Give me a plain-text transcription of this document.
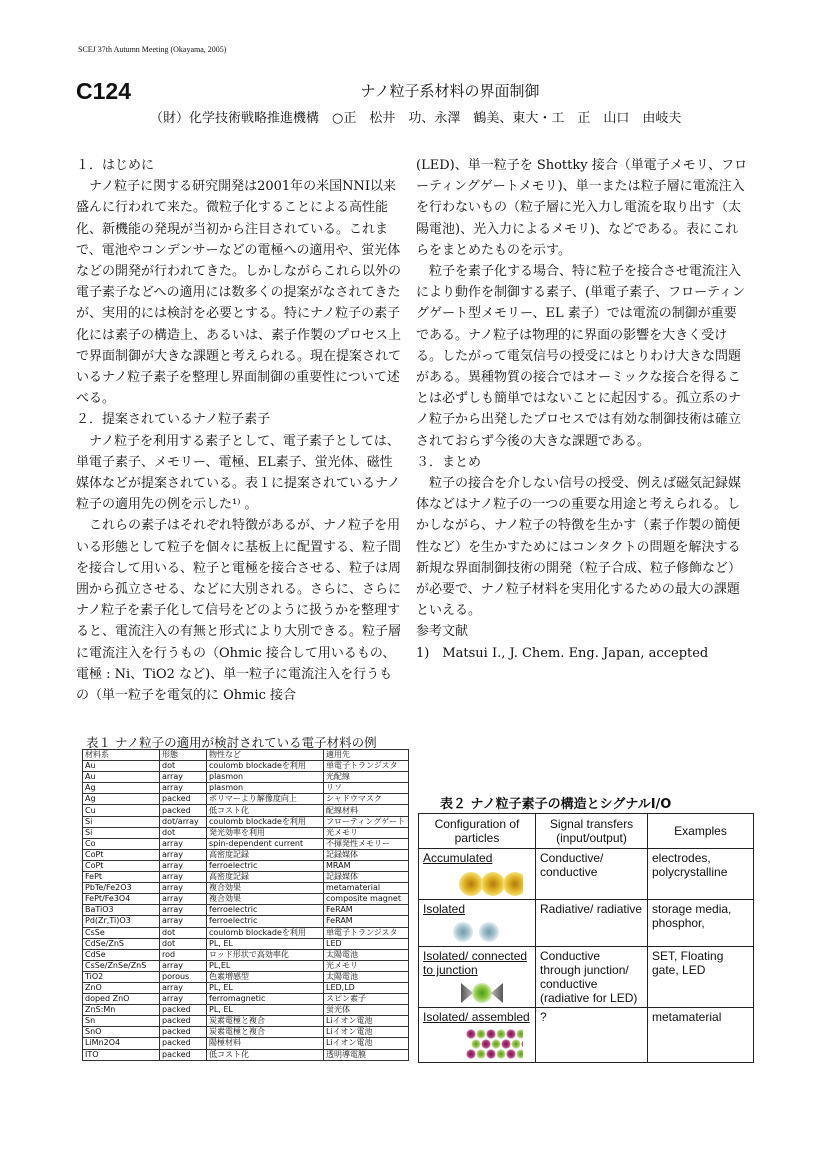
SCEJ 37th Autumn Meeting (Okayama, 2005)
C124	ナノ粒子系材料の界面制御
（財）化学技術戦略推進機構　○正　松井　功、永澤　鶴美、東大・工　正　山口　由岐夫

１．はじめに

ナノ粒子に関する研究開発は2001年の米国NNI以来盛んに行われて来た。微粒子化することによる高性能化、新機能の発現が当初から注目されている。これまで、電池やコンデンサーなどの電極への適用や、蛍光体などの開発が行われてきた。しかしながらこれら以外の電子素子などへの適用には数多くの提案がなされてきたが、実用的には検討を必要とする。特にナノ粒子の素子化には素子の構造上、あるいは、素子作製のプロセス上で界面制御が大きな課題と考えられる。現在提案されているナノ粒子素子を整理し界面制御の重要性について述べる。

２．提案されているナノ粒子素子

ナノ粒子を利用する素子として、電子素子としては、単電子素子、メモリー、電極、EL素子、蛍光体、磁性媒体などが提案されている。表１に提案されているナノ粒子の適用先の例を示した¹⁾ 。

これらの素子はそれぞれ特徴があるが、ナノ粒子を用いる形態として粒子を個々に基板上に配置する、粒子間を接合して用いる、粒子と電極を接合させる、粒子は周囲から孤立させる、などに大別される。さらに、さらにナノ粒子を素子化して信号をどのように扱うかを整理すると、電流注入の有無と形式により大別できる。粒子層に電流注入を行うもの（Ohmic 接合して用いるもの、電極 : Ni、TiO2 など)、単一粒子に電流注入を行うもの（単一粒子を電気的に Ohmic 接合

(LED)、単一粒子を Shottky 接合（単電子メモリ、フローティングゲートメモリ)、単一または粒子層に電流注入を行わないもの（粒子層に光入力し電流を取り出す（太陽電池)、光入力によるメモリ)、などである。表にこれらをまとめたものを示す。

粒子を素子化する場合、特に粒子を接合させ電流注入により動作を制御する素子、(単電子素子、フローティングゲート型メモリー、EL 素子）では電流の制御が重要である。ナノ粒子は物理的に界面の影響を大きく受ける。したがって電気信号の授受にはとりわけ大きな問題がある。異種物質の接合ではオーミックな接合を得ることは必ずしも簡単ではないことに起因する。孤立系のナノ粒子から出発したプロセスでは有効な制御技術は確立されておらず今後の大きな課題である。

３．まとめ

粒子の接合を介しない信号の授受、例えば磁気記録媒体などはナノ粒子の一つの重要な用途と考えられる。しかしながら、ナノ粒子の特徴を生かす（素子作製の簡便性など）を生かすためにはコンタクトの問題を解決する新規な界面制御技術の開発（粒子合成、粒子修飾など）が必要で、ナノ粒子材料を実用化するための最大の課題といえる。

参考文献

1)　Matsui I., J. Chem. Eng. Japan, accepted

表１ ナノ粒子の適用が検討されている電子材料の例
材料系	形態	物性など	適用先
Au	dot	coulomb blockadeを利用	単電子トランジスタ
Au	array	plasmon	光配線
Ag	array	plasmon	リソ
Ag	packed	ポリマーより解像度向上	シャドウマスク
Cu	packed	低コスト化	配線材料
Si	dot/array	coulomb blockadeを利用	フローティングゲート
Si	dot	発光効率を利用	光メモリ
Co	array	spin-dependent current	不揮発性メモリー
CoPt	array	高密度記録	記録媒体
CoPt	array	ferroelectric	MRAM
FePt	array	高密度記録	記録媒体
PbTe/Fe2O3	array	複合効果	metamaterial
FePt/Fe3O4	array	複合効果	composite magnet
BaTiO3	array	ferroelectric	FeRAM
Pd(Zr,Ti)O3	array	ferroelectric	FeRAM
CsSe	dot	coulomb blockadeを利用	単電子トランジスタ
CdSe/ZnS	dot	PL, EL	LED
CdSe	rod	ロッド形状で高効率化	太陽電池
CsSe/ZnSe/ZnS	array	PL,EL	光メモリ
TiO2	porous	色素増感型	太陽電池
ZnO	array	PL, EL	LED,LD
doped ZnO	array	ferromagnetic	スピン素子
ZnS:Mn	packed	PL, EL	蛍光体
Sn	packed	炭素電極と複合	Liイオン電池
SnO	packed	炭素電極と複合	Liイオン電池
LiMn2O4	packed	陽極材料	Liイオン電池
ITO	packed	低コスト化	透明導電膜
表２ ナノ粒子素子の構造とシグナルI/O
Configuration of particles	Signal transfers (input/output)	Examples
Accumulated	Conductive/ conductive	electrodes, polycrystalline
Isolated	Radiative/ radiative	storage media, phosphor,
Isolated/ connected to junction	Conductive through junction/ conductive (radiative for LED)	SET, Floating gate, LED
Isolated/ assembled	?	metamaterial
